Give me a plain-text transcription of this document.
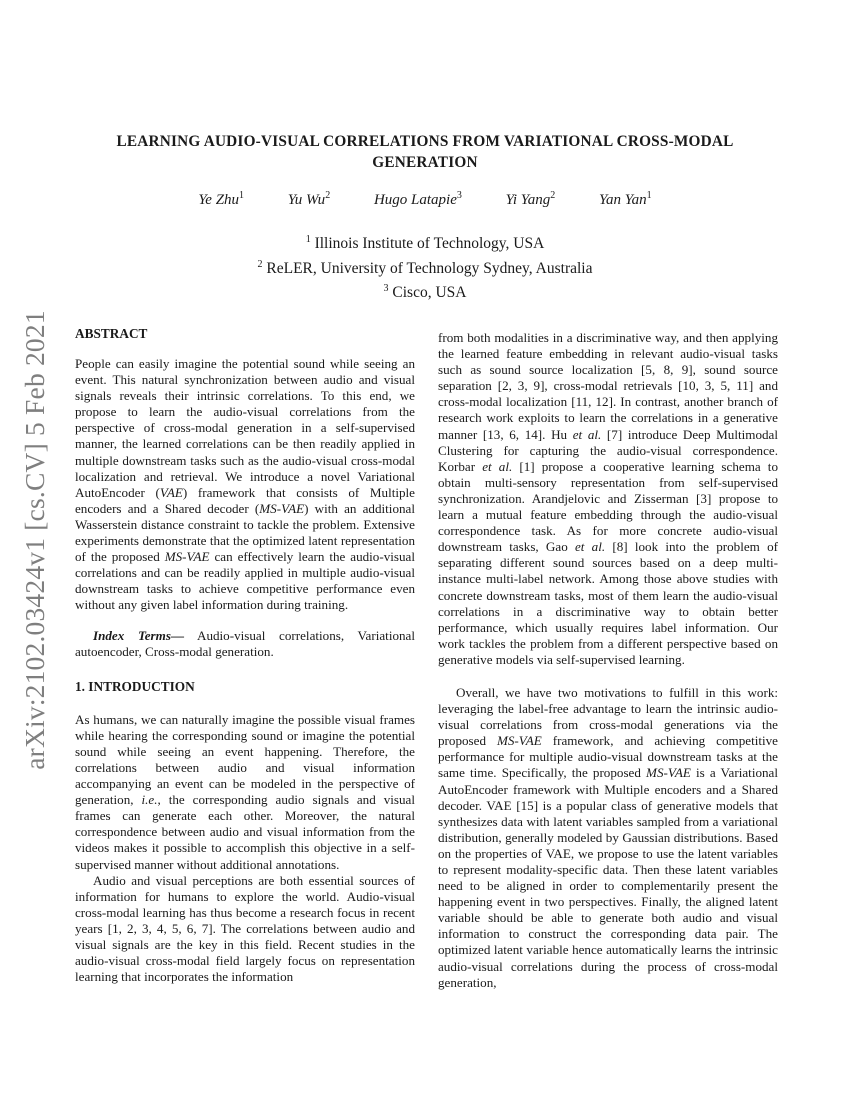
arXiv:2102.03424v1 [cs.CV] 5 Feb 2021
LEARNING AUDIO-VISUAL CORRELATIONS FROM VARIATIONAL CROSS-MODAL GENERATION
Ye Zhu$^1$	Yu Wu$^2$	Hugo Latapie$^3$	Yi Yang$^2$	Yan Yan$^1$
$^1$ Illinois Institute of Technology, USA
$^2$ ReLER, University of Technology Sydney, Australia
$^3$ Cisco, USA

ABSTRACT

People can easily imagine the potential sound while seeing an event. This natural synchronization between audio and visual signals reveals their intrinsic correlations. To this end, we propose to learn the audio-visual correlations from the perspective of cross-modal generation in a self-supervised manner, the learned correlations can be then readily applied in multiple downstream tasks such as the audio-visual cross-modal localization and retrieval. We introduce a novel Variational AutoEncoder (VAE) framework that consists of Multiple encoders and a Shared decoder (MS-VAE) with an additional Wasserstein distance constraint to tackle the problem. Extensive experiments demonstrate that the optimized latent representation of the proposed MS-VAE can effectively learn the audio-visual correlations and can be readily applied in multiple audio-visual downstream tasks to achieve competitive performance even without any given label information during training.

Index Terms— Audio-visual correlations, Variational autoencoder, Cross-modal generation.

1. INTRODUCTION

As humans, we can naturally imagine the possible visual frames while hearing the corresponding sound or imagine the potential sound while seeing an event happening. Therefore, the correlations between audio and visual information accompanying an event can be modeled in the perspective of generation, i.e., the corresponding audio signals and visual frames can generate each other. Moreover, the natural correspondence between audio and visual information from the videos makes it possible to accomplish this objective in a self-supervised manner without additional annotations.

Audio and visual perceptions are both essential sources of information for humans to explore the world. Audio-visual cross-modal learning has thus become a research focus in recent years [1, 2, 3, 4, 5, 6, 7]. The correlations between audio and visual signals are the key in this field. Recent studies in the audio-visual cross-modal field largely focus on representation learning that incorporates the information

from both modalities in a discriminative way, and then applying the learned feature embedding in relevant audio-visual tasks such as sound source localization [5, 8, 9], sound source separation [2, 3, 9], cross-modal retrievals [10, 3, 5, 11] and cross-modal localization [11, 12]. In contrast, another branch of research work exploits to learn the correlations in a generative manner [13, 6, 14]. Hu et al. [7] introduce Deep Multimodal Clustering for capturing the audio-visual correspondence. Korbar et al. [1] propose a cooperative learning schema to obtain multi-sensory representation from self-supervised synchronization. Arandjelovic and Zisserman [3] propose to learn a mutual feature embedding through the audio-visual correspondence task. As for more concrete audio-visual downstream tasks, Gao et al. [8] look into the problem of separating different sound sources based on a deep multi-instance multi-label network. Among those above studies with concrete downstream tasks, most of them learn the audio-visual correlations in a discriminative way to obtain better performance, which usually requires label information. Our work tackles the problem from a different perspective based on generative models via self-supervised learning.

Overall, we have two motivations to fulfill in this work: leveraging the label-free advantage to learn the intrinsic audio-visual correlations from cross-modal generations via the proposed MS-VAE framework, and achieving competitive performance for multiple audio-visual downstream tasks at the same time. Specifically, the proposed MS-VAE is a Variational AutoEncoder framework with Multiple encoders and a Shared decoder. VAE [15] is a popular class of generative models that synthesizes data with latent variables sampled from a variational distribution, generally modeled by Gaussian distributions. Based on the properties of VAE, we propose to use the latent variables to represent modality-specific data. Then these latent variables need to be aligned in order to complementarily present the happening event in two perspectives. Finally, the aligned latent variable should be able to generate both audio and visual information to construct the corresponding data pair. The optimized latent variable hence automatically learns the intrinsic audio-visual correlations during the process of cross-modal generation,
